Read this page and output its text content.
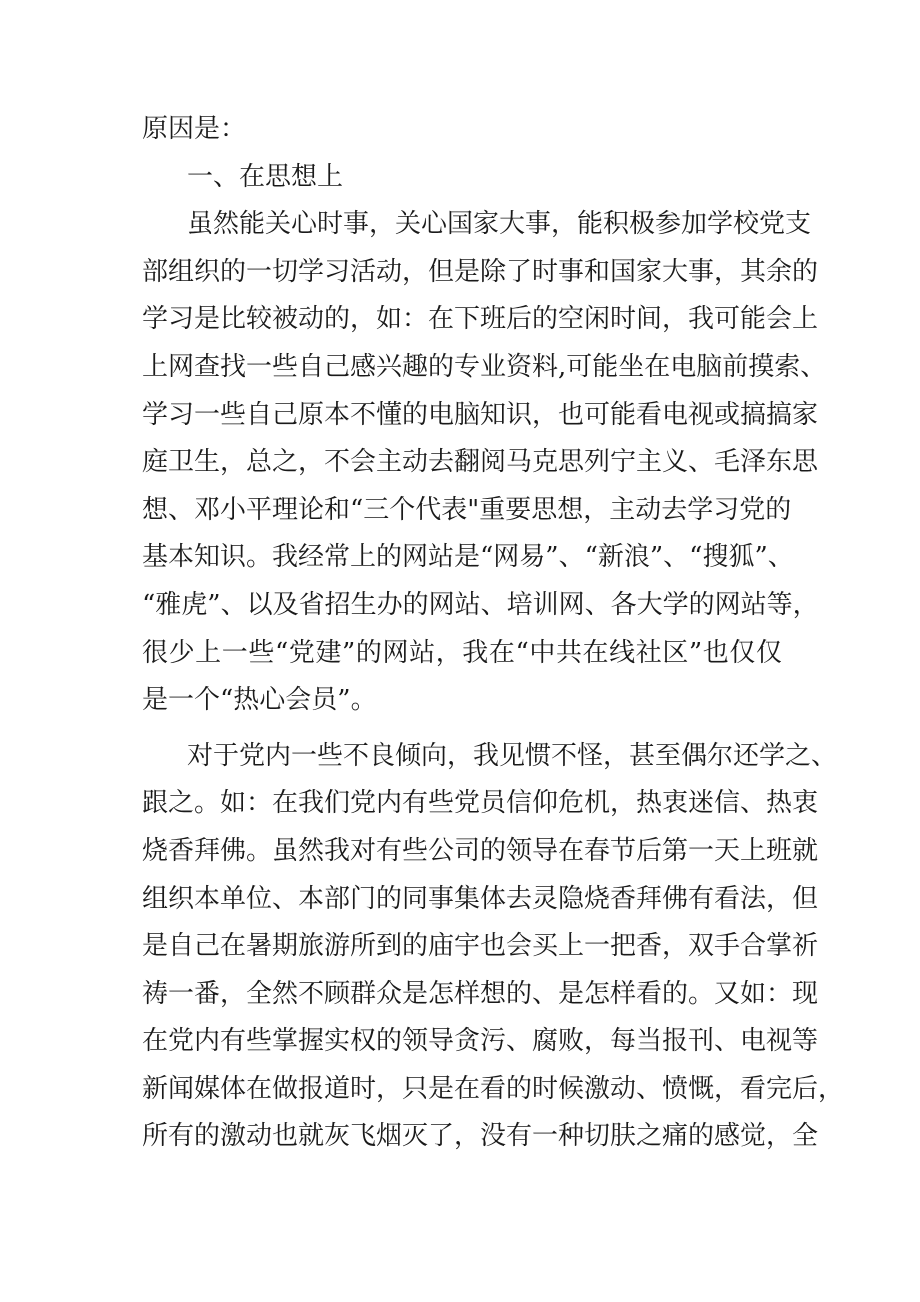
原因是：
一、在思想上
虽然能关心时事，关心国家大事，能积极参加学校党支
部组织的一切学习活动，但是除了时事和国家大事，其余的
学习是比较被动的，如：在下班后的空闲时间，我可能会上
上网查找一些自己感兴趣的专业资料,可能坐在电脑前摸索、
学习一些自己原本不懂的电脑知识，也可能看电视或搞搞家
庭卫生，总之，不会主动去翻阅马克思列宁主义、毛泽东思
想、邓小平理论和“三个代表"重要思想，主动去学习党的
基本知识。我经常上的网站是“网易”、“新浪”、“搜狐”、
“雅虎”、以及省招生办的网站、培训网、各大学的网站等，
很少上一些“党建”的网站，我在“中共在线社区”也仅仅
是一个“热心会员”。
对于党内一些不良倾向，我见惯不怪，甚至偶尔还学之、
跟之。如：在我们党内有些党员信仰危机，热衷迷信、热衷
烧香拜佛。虽然我对有些公司的领导在春节后第一天上班就
组织本单位、本部门的同事集体去灵隐烧香拜佛有看法，但
是自己在暑期旅游所到的庙宇也会买上一把香，双手合掌祈
祷一番，全然不顾群众是怎样想的、是怎样看的。又如：现
在党内有些掌握实权的领导贪污、腐败，每当报刊、电视等
新闻媒体在做报道时，只是在看的时候激动、愤慨，看完后，
所有的激动也就灰飞烟灭了，没有一种切肤之痛的感觉，全
